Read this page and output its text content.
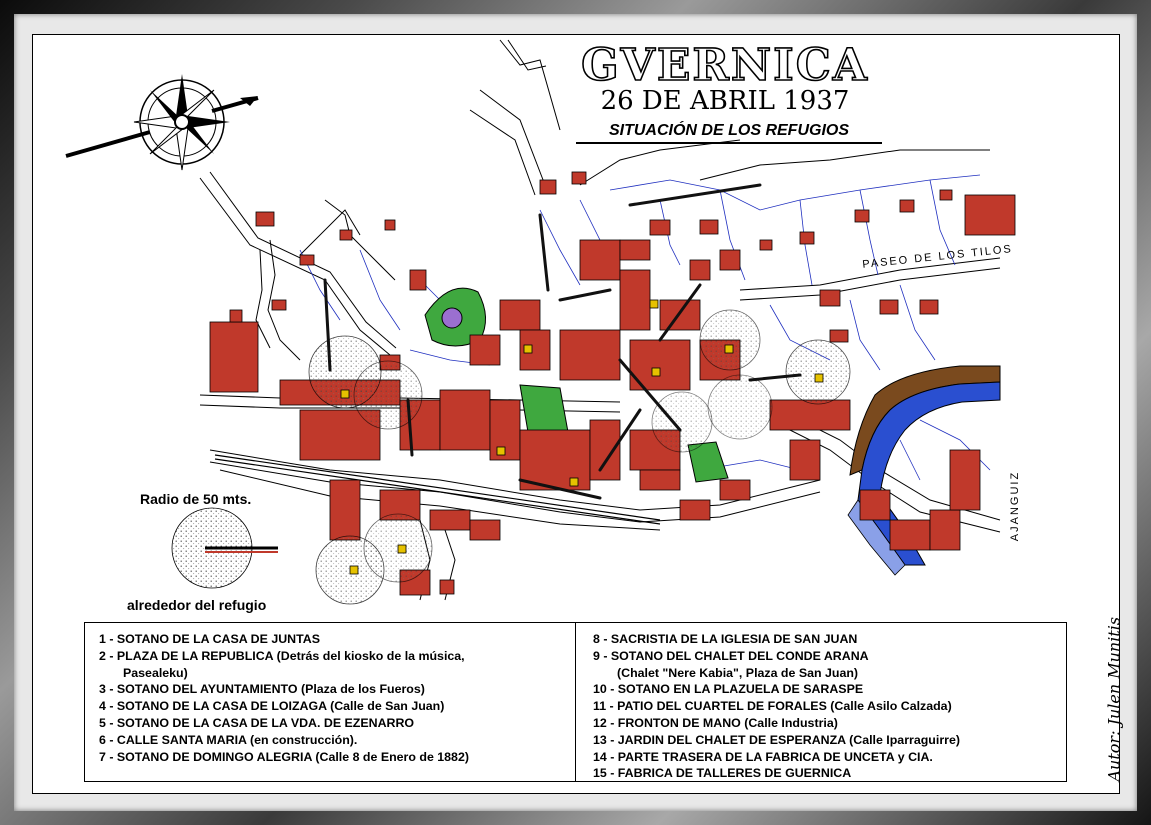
GVERNICA
26 DE ABRIL 1937
SITUACIÓN DE LOS REFUGIOS
PASEO DE LOS TILOS
AJANGUIZ
Radio de 50 mts.
alrededor del refugio
1 - SOTANO DE LA CASA DE JUNTAS
2 - PLAZA DE LA REPUBLICA (Detrás del kiosko de la música,
Pasealeku)
3 - SOTANO DEL AYUNTAMIENTO (Plaza de los Fueros)
4 - SOTANO DE LA CASA DE LOIZAGA (Calle de San Juan)
5 - SOTANO DE LA CASA DE LA VDA. DE EZENARRO
6 - CALLE SANTA MARIA (en construcción).
7 - SOTANO DE DOMINGO ALEGRIA (Calle 8 de Enero de 1882)
8 - SACRISTIA DE LA IGLESIA DE SAN JUAN
9 - SOTANO DEL CHALET DEL CONDE ARANA
(Chalet "Nere Kabia", Plaza de San Juan)
10 - SOTANO EN LA PLAZUELA DE SARASPE
11 - PATIO DEL CUARTEL DE FORALES (Calle Asilo Calzada)
12 - FRONTON DE MANO (Calle Industria)
13 - JARDIN DEL CHALET DE ESPERANZA (Calle Iparraguirre)
14 - PARTE TRASERA DE LA FABRICA DE UNCETA y CIA.
15 - FABRICA DE TALLERES DE GUERNICA	Autor: Julen Munitis
